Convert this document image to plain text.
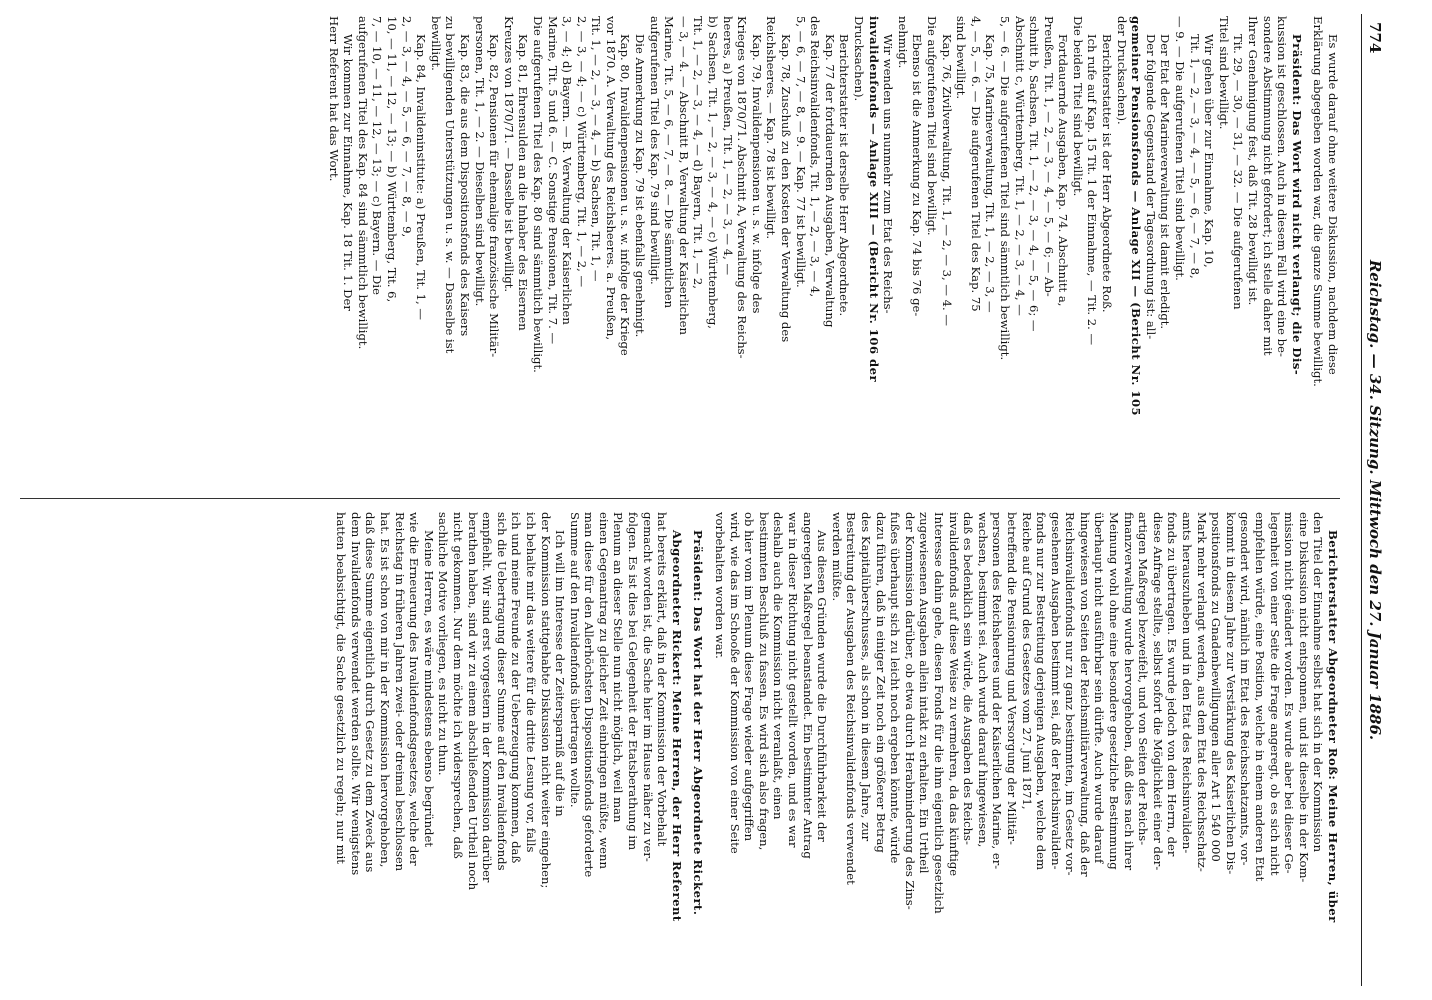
774
Reichstag. — 34. Sitzung. Mittwoch den 27. Januar 1886.
Es wurde darauf ohne weitere Diskussion, nachdem diese
Erklärung abgegeben worden war, die ganze Summe bewilligt.
Präsident: Das Wort wird nicht verlangt; die Dis-
kussion ist geschlossen. Auch in diesem Fall wird eine be-
sondere Abstimmung nicht gefordert; ich stelle daher mit
Ihrer Genehmigung fest, daß Tit. 28 bewilligt ist.
Tit. 29, — 30, — 31, — 32. — Die aufgerufenen
Titel sind bewilligt.
Wir gehen über zur Einnahme, Kap. 10,
Tit. 1, — 2, — 3, — 4, — 5, — 6, — 7, — 8,
— 9. — Die aufgerufenen Titel sind bewilligt.
Der Etat der Marineverwaltung ist damit erledigt.
Der folgende Gegenstand der Tagesordnung ist: all-
gemeiner Pensionsfonds — Anlage XII — (Bericht Nr. 105
der Drucksachen).
Berichterstatter ist der Herr Abgeordnete Roß.
Ich rufe auf Kap. 15 Tit. 1 der Einnahme, — Tit. 2. —
Die beiden Titel sind bewilligt.
Fortdauernde Ausgaben, Kap. 74. Abschnitt a,
Preußen, Tit. 1, — 2, — 3, — 4, — 5, — 6; — Ab-
schnitt b, Sachsen, Tit. 1, — 2, — 3, — 4, — 5, — 6; —
Abschnitt c, Württemberg, Tit. 1, — 2, — 3, — 4, —
5, — 6. — Die aufgerufenen Titel sind sämmtlich bewilligt.
Kap. 75, Marineverwaltung, Tit. 1, — 2, — 3, —
4, — 5, — 6. — Die aufgerufenen Titel des Kap. 75
sind bewilligt.
Kap. 76, Zivilverwaltung, Tit. 1, — 2, — 3, — 4. —
Die aufgerufenen Titel sind bewilligt.
Ebenso ist die Anmerkung zu Kap. 74 bis 76 ge-
nehmigt.
Wir wenden uns nunmehr zum Etat des Reichs-
invalidenfonds — Anlage XIII — (Bericht Nr. 106 der
Drucksachen).
Berichterstatter ist derselbe Herr Abgeordnete.
Kap. 77 der fortdauernden Ausgaben, Verwaltung
des Reichsinvalidenfonds, Tit. 1, — 2, — 3, — 4,
5, — 6, — 7, — 8, — 9. — Kap. 77 ist bewilligt.
Kap. 78, Zuschuß zu den Kosten der Verwaltung des
Reichsheeres. — Kap. 78 ist bewilligt.
Kap. 79, Invalidenpensionen u. s. w. infolge des
Krieges von 1870/71. Abschnitt A, Verwaltung des Reichs-
heeres, a) Preußen, Tit. 1, — 2, — 3, — 4, —
b) Sachsen, Tit. 1, — 2, — 3, — 4, — c) Württemberg,
Tit. 1, — 2, — 3, — 4, — d) Bayern, Tit. 1, — 2,
— 3, — 4. — Abschnitt B, Verwaltung der Kaiserlichen
Marine, Tit. 5, — 6, — 7, — 8. — Die sämmtlichen
aufgerufenen Titel des Kap. 79 sind bewilligt.
Die Anmerkung zu Kap. 79 ist ebenfalls genehmigt.
Kap. 80, Invalidenpensionen u. s. w. infolge der Kriege
vor 1870. A. Verwaltung des Reichsheeres. a. Preußen,
Tit. 1, — 2, — 3, — 4, — b) Sachsen, Tit. 1, —
2, — 3, — 4; — c) Württemberg, Tit. 1, — 2, —
3, — 4; d) Bayern. — B. Verwaltung der Kaiserlichen
Marine, Tit. 5 und 6. — C. Sonstige Pensionen, Tit. 7. —
Die aufgerufenen Titel des Kap. 80 sind sämmtlich bewilligt.
Kap. 81, Ehrensulden an die Inhaber des Eisernen
Kreuzes von 1870/71. — Dasselbe ist bewilligt.
Kap. 82, Pensionen für ehemalige französische Militär-
personen, Tit. 1, — 2. — Dieselben sind bewilligt.
Kap. 83, die aus dem Dispositionsfonds des Kaisers
zu bewilligenden Unterstützungen u. s. w. — Dasselbe ist
bewilligt.
Kap. 84, Invalideninstitute: a) Preußen, Tit. 1, —
2, — 3, — 4, — 5, — 6, — 7, — 8, — 9,
10, — 11, — 12, — 13; — b) Württemberg, Tit. 6,
7, — 10, — 11, — 12, — 13; — c) Bayern. — Die
aufgerufenen Titel des Kap. 84 sind sämmtlich bewilligt.
Wir kommen zur Einnahme, Kap. 18 Tit. 1. Der
Herr Referent hat das Wort.
Berichterstatter Abgeordneter Roß: Meine Herren, über
den Titel der Einnahme selbst hat sich in der Kommission
eine Diskussion nicht entsponnen, und ist dieselbe in der Kom-
mission nicht geändert worden. Es wurde aber bei dieser Ge-
legenheit von einer Seite die Frage angeregt, ob es sich nicht
empfehlen würde, eine Position, welche in einem anderen Etat
gesondert wird, nämlich im Etat des Reichsschatzamts, vor-
kommt in diesem Jahre zur Verstärkung des Kaiserlichen Dis-
positionsfonds zu Gnadenbewilligungen aller Art 1 540 000
Mark mehr verlangt werden, aus dem Etat des Reichsschatz-
amts herauszuheben und in den Etat des Reichsinvaliden-
fonds zu übertragen. Es wurde jedoch von dem Herrn, der
diese Anfrage stellte, selbst sofort die Möglichkeit einer der-
artigen Maßregel bezweifelt, und von Seiten der Reichs-
finanzverwaltung wurde hervorgehoben, daß dies nach ihrer
Meinung wohl ohne eine besondere gesetzliche Bestimmung
überhaupt nicht ausführbar sein dürfte. Auch wurde darauf
hingewiesen von Seiten der Reichsmilitärverwaltung, daß der
Reichsinvalidenfonds nur zu ganz bestimmten, im Gesetz vor-
gesehenen Ausgaben bestimmt sei, daß der Reichsinvaliden-
fonds nur zur Bestreitung derjenigen Ausgaben, welche dem
Reiche auf Grund des Gesetzes vom 27. Juni 1871,
betreffend die Pensionirung und Versorgung der Militär-
personen des Reichsheeres und der Kaiserlichen Marine, er-
wachsen, bestimmt sei. Auch wurde darauf hingewiesen,
daß es bedenklich sein würde, die Ausgaben des Reichs-
invalidenfonds auf diese Weise zu vermehren, da das künftige
Interesse dahin gehe, diesen Fonds für die ihm eigentlich gesetzlich
zugewiesenen Ausgaben allein intakt zu erhalten. Ein Urtheil
der Kommission darüber, ob etwa durch Herabminderung des Zins-
fußes überhaupt sich zu leicht noch ergeben könnte, würde
dazu führen, daß in einiger Zeit noch ein größerer Betrag
des Kapitalüberschusses, als schon in diesem Jahre, zur
Bestreitung der Ausgaben des Reichsinvalidenfonds verwendet
werden müßte.
Aus diesen Gründen wurde die Durchführbarkeit der
angeregten Maßregel beanstandet. Ein bestimmter Antrag
war in dieser Richtung nicht gestellt worden, und es war
deshalb auch die Kommission nicht veranlaßt, einen
bestimmten Beschluß zu fassen. Es wird sich also fragen,
ob hier vom im Plenum diese Frage wieder aufgegriffen
wird, wie das im Schooße der Kommission von einer Seite
vorbehalten worden war.
Präsident: Das Wort hat der Herr Abgeordnete Rickert.
Abgeordneter Rickert: Meine Herren, der Herr Referent
hat bereits erklärt, daß in der Kommission der Vorbehalt
gemacht worden ist, die Sache hier im Hause näher zu ver-
folgen. Es ist dies bei Gelegenheit der Etatsberathung im
Plenum an dieser Stelle nun nicht möglich, weil man
einen Gegenantrag zu gleicher Zeit einbringen müßte, wenn
man diese für den Allerhöchsten Dispositionsfonds geforderte
Summe auf den Invalidenfonds übertragen wollte.
Ich will im Interesse der Zeitersparniß auf die in
der Kommission stattgehabte Diskussion nicht weiter eingehen;
ich behalte mir das weitere für die dritte Lesung vor, falls
ich und meine Freunde zu der Ueberzeugung kommen, daß
sich die Uebertragung dieser Summe auf den Invalidenfonds
empfiehlt. Wir sind erst vorgestern in der Kommission darüber
berathen haben, sind wir zu einem abschließenden Urtheil noch
nicht gekommen. Nur dem möchte ich widersprechen, daß
sachliche Motive vorliegen, es nicht zu thun.
Meine Herren, es wäre mindestens ebenso begründet
wie die Erneuerung des Invalidenfondsgesetzes, welche der
Reichstag in früheren Jahren zwei- oder dreimal beschlossen
hat. Es ist schon von mir in der Kommission hervorgehoben,
daß diese Summe eigentlich durch Gesetz zu dem Zweck aus
dem Invalidenfonds verwendet werden sollte. Wir wenigstens
hatten beabsichtigt, die Sache gesetzlich zu regeln; nur mit
